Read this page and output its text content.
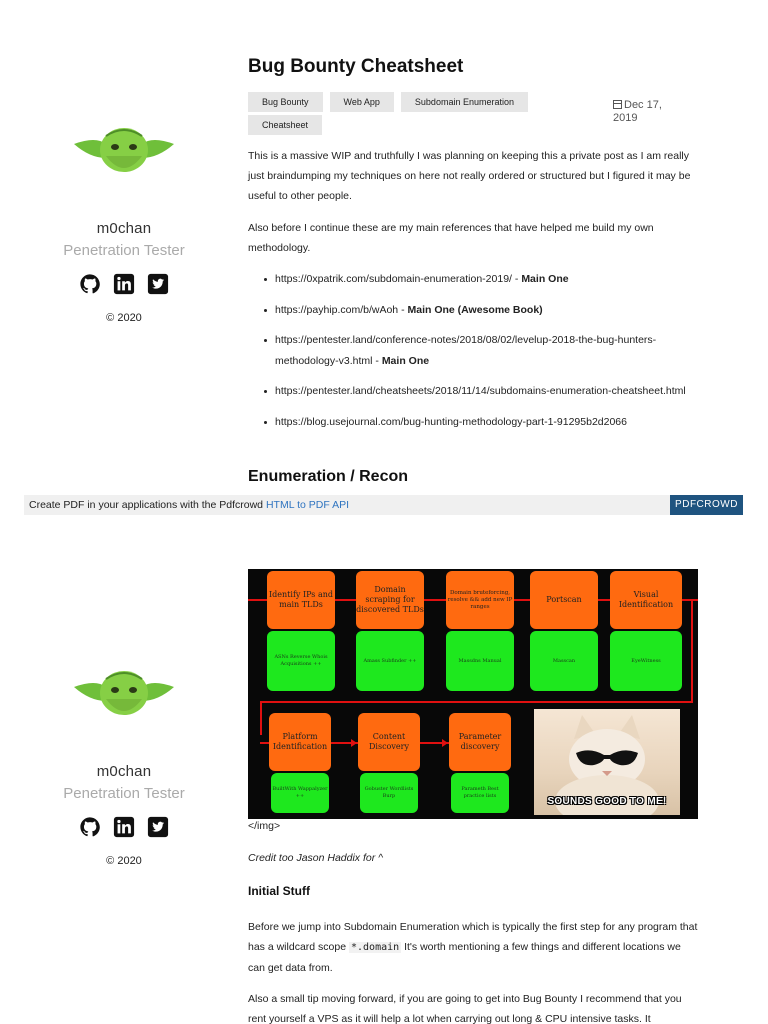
m0chan
Penetration Tester
© 2020
Bug Bounty Cheatsheet
Bug Bounty	Web App	Subdomain Enumeration
Cheatsheet
Dec 17, 2019
This is a massive WIP and truthfully I was planning on keeping this a private post as I am really just braindumping my techniques on here not really ordered or structured but I figured it may be useful to other people.
Also before I continue these are my main references that have helped me build my own methodology.
https://0xpatrik.com/subdomain-enumeration-2019/ - Main One
https://payhip.com/b/wAoh - Main One (Awesome Book)
https://pentester.land/conference-notes/2018/08/02/levelup-2018-the-bug-hunters-methodology-v3.html - Main One
https://pentester.land/cheatsheets/2018/11/14/subdomains-enumeration-cheatsheet.html
https://blog.usejournal.com/bug-hunting-methodology-part-1-91295b2d2066
Enumeration / Recon
Create PDF in your applications with the Pdfcrowd HTML to PDF API	PDFCROWD
Identify IPs and main TLDs
Domain scraping for discovered TLDs
Domain bruteforcing, resolve && add new IP ranges
Portscan
Visual Identification
ASNs Reverse Whois Acquisitions ++
Amass Subfinder ++	Massdns Manual	Masscan	EyeWitness
Platform Identification
Content Discovery
Parameter discovery
BuiltWith Wappalyzer ++
Gobuster Wordlists Burp
Parameth Best practice lists	SOUNDS GOOD TO ME!
</img>
Credit too Jason Haddix for ^
m0chan
Penetration Tester
© 2020
Initial Stuff
Before we jump into Subdomain Enumeration which is typically the first step for any program that has a wildcard scope *.domain It's worth mentioning a few things and different locations we can get data from.
Also a small tip moving forward, if you are going to get into Bug Bounty I recommend that you rent yourself a VPS as it will help a lot when carrying out long & CPU intensive tasks. It
